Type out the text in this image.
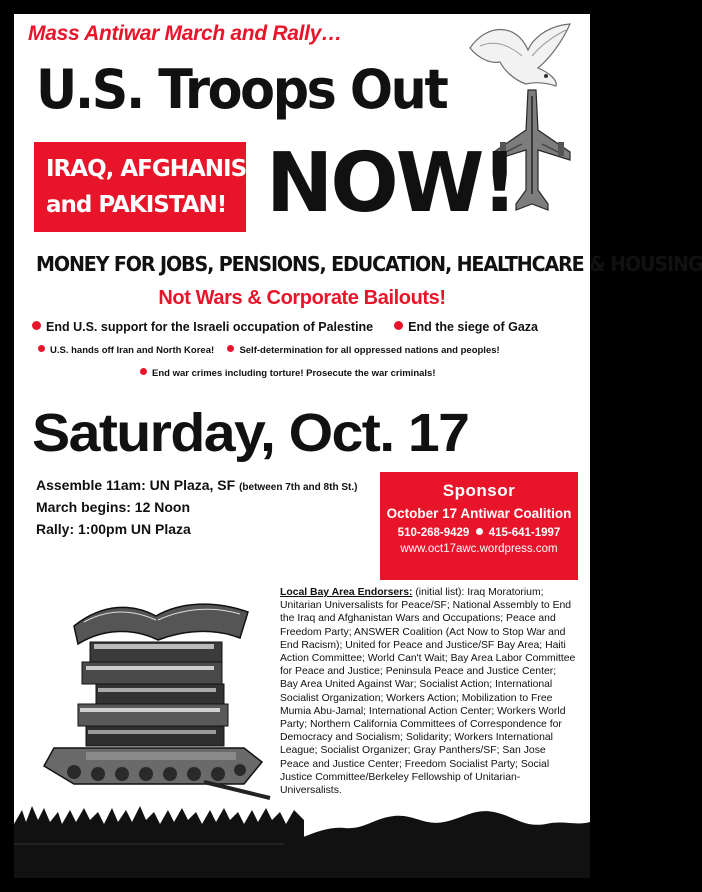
Mass Antiwar March and Rally…
U.S. Troops Out
IRAQ, AFGHANISTAN
and PAKISTAN! NOW!
MONEY FOR JOBS, PENSIONS, EDUCATION, HEALTHCARE & HOUSING
Not Wars & Corporate Bailouts!
End U.S. support for the Israeli occupation of Palestine	End the siege of Gaza
U.S. hands off Iran and North Korea!	Self-determination for all oppressed nations and peoples!
End war crimes including torture! Prosecute the war criminals!
Saturday, Oct. 17
Assemble 11am: UN Plaza, SF (between 7th and 8th St.)
March begins: 12 Noon
Rally: 1:00pm UN Plaza
Sponsor
October 17 Antiwar Coalition
510-268-9429 415-641-1997
www.oct17awc.wordpress.com
Local Bay Area Endorsers: (initial list): Iraq Moratorium; Unitarian Universalists for Peace/SF; National Assembly to End the Iraq and Afghanistan Wars and Occupations; Peace and Freedom Party; ANSWER Coalition (Act Now to Stop War and End Racism); United for Peace and Justice/SF Bay Area; Haiti Action Committee; World Can't Wait; Bay Area Labor Committee for Peace and Justice; Peninsula Peace and Justice Center; Bay Area United Against War; Socialist Action; International Socialist Organization; Workers Action; Mobilization to Free Mumia Abu-Jamal; International Action Center; Workers World Party; Northern California Committees of Correspondence for Democracy and Socialism; Solidarity; Workers International League; Socialist Organizer; Gray Panthers/SF; San Jose Peace and Justice Center; Freedom Socialist Party; Social Justice Committee/Berkeley Fellowship of Unitarian-Universalists.
